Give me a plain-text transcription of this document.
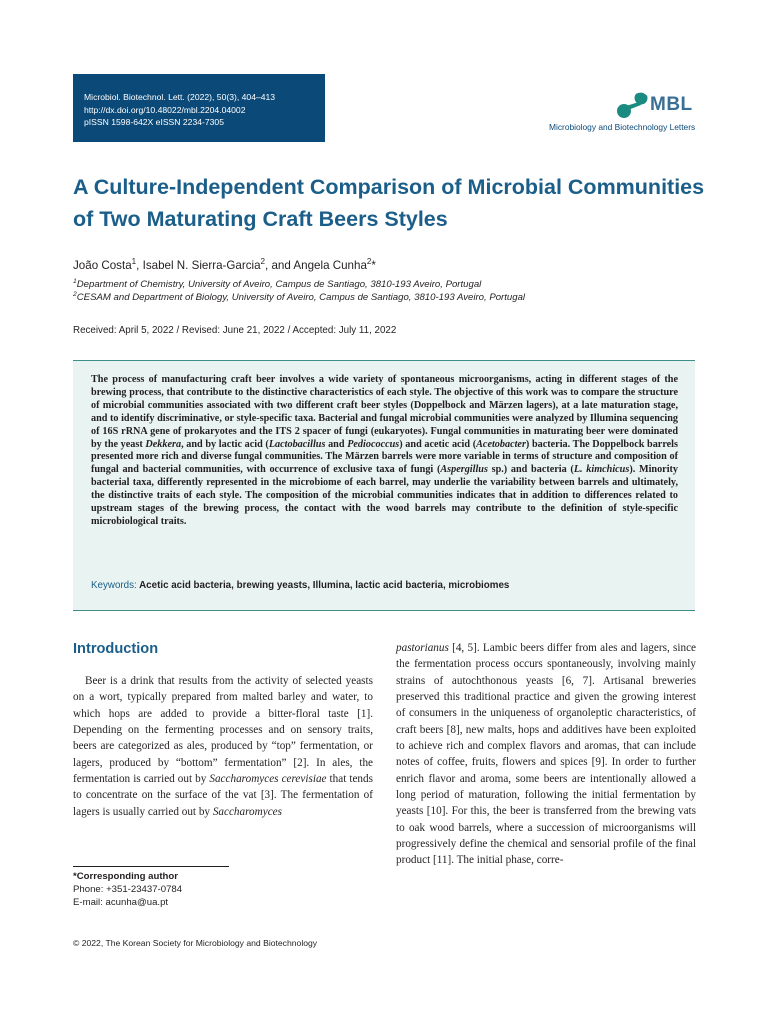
Microbiol. Biotechnol. Lett. (2022), 50(3), 404–413
http://dx.doi.org/10.48022/mbl.2204.04002
pISSN 1598-642X eISSN 2234-7305
MBL
Microbiology and Biotechnology Letters
A Culture-Independent Comparison of Microbial Communities of Two Maturating Craft Beers Styles
João Costa$^1$, Isabel N. Sierra-Garcia$^2$, and Angela Cunha$^2$*
$^1$Department of Chemistry, University of Aveiro, Campus de Santiago, 3810-193 Aveiro, Portugal
$^2$CESAM and Department of Biology, University of Aveiro, Campus de Santiago, 3810-193 Aveiro, Portugal
Received: April 5, 2022 / Revised: June 21, 2022 / Accepted: July 11, 2022
The process of manufacturing craft beer involves a wide variety of spontaneous microorganisms, acting in different stages of the brewing process, that contribute to the distinctive characteristics of each style. The objective of this work was to compare the structure of microbial communities associated with two different craft beer styles (Doppelbock and Märzen lagers), at a late maturation stage, and to identify discriminative, or style-specific taxa. Bacterial and fungal microbial communities were analyzed by Illumina sequencing of 16S rRNA gene of prokaryotes and the ITS 2 spacer of fungi (eukaryotes). Fungal communities in maturating beer were dominated by the yeast Dekkera, and by lactic acid (Lactobacillus and Pediococcus) and acetic acid (Acetobacter) bacteria. The Doppelbock barrels presented more rich and diverse fungal communities. The Märzen barrels were more variable in terms of structure and composition of fungal and bacterial communities, with occurrence of exclusive taxa of fungi (Aspergillus sp.) and bacteria (L. kimchicus). Minority bacterial taxa, differently represented in the microbiome of each barrel, may underlie the variability between barrels and ultimately, the distinctive traits of each style. The composition of the microbial communities indicates that in addition to differences related to upstream stages of the brewing process, the contact with the wood barrels may contribute to the definition of style-specific microbiological traits.
Keywords: Acetic acid bacteria, brewing yeasts, Illumina, lactic acid bacteria, microbiomes
Introduction
Beer is a drink that results from the activity of selected yeasts on a wort, typically prepared from malted barley and water, to which hops are added to provide a bitter-floral taste [1]. Depending on the fermenting processes and on sensory traits, beers are categorized as ales, produced by “top” fermentation, or lagers, produced by “bottom” fermentation” [2]. In ales, the fermentation is carried out by Saccharomyces cerevisiae that tends to concentrate on the surface of the vat [3]. The fermentation of lagers is usually carried out by Saccharomyces
pastorianus [4, 5]. Lambic beers differ from ales and lagers, since the fermentation process occurs spontaneously, involving mainly strains of autochthonous yeasts [6, 7]. Artisanal breweries preserved this traditional practice and given the growing interest of consumers in the uniqueness of organoleptic characteristics, of craft beers [8], new malts, hops and additives have been exploited to achieve rich and complex flavors and aromas, that can include notes of coffee, fruits, flowers and spices [9]. In order to further enrich flavor and aroma, some beers are intentionally allowed a long period of maturation, following the initial fermentation by yeasts [10]. For this, the beer is transferred from the brewing vats to oak wood barrels, where a succession of microorganisms will progressively define the chemical and sensorial profile of the final product [11]. The initial phase, corre-
*Corresponding author
Phone: +351-23437-0784
E-mail: acunha@ua.pt
© 2022, The Korean Society for Microbiology and Biotechnology
